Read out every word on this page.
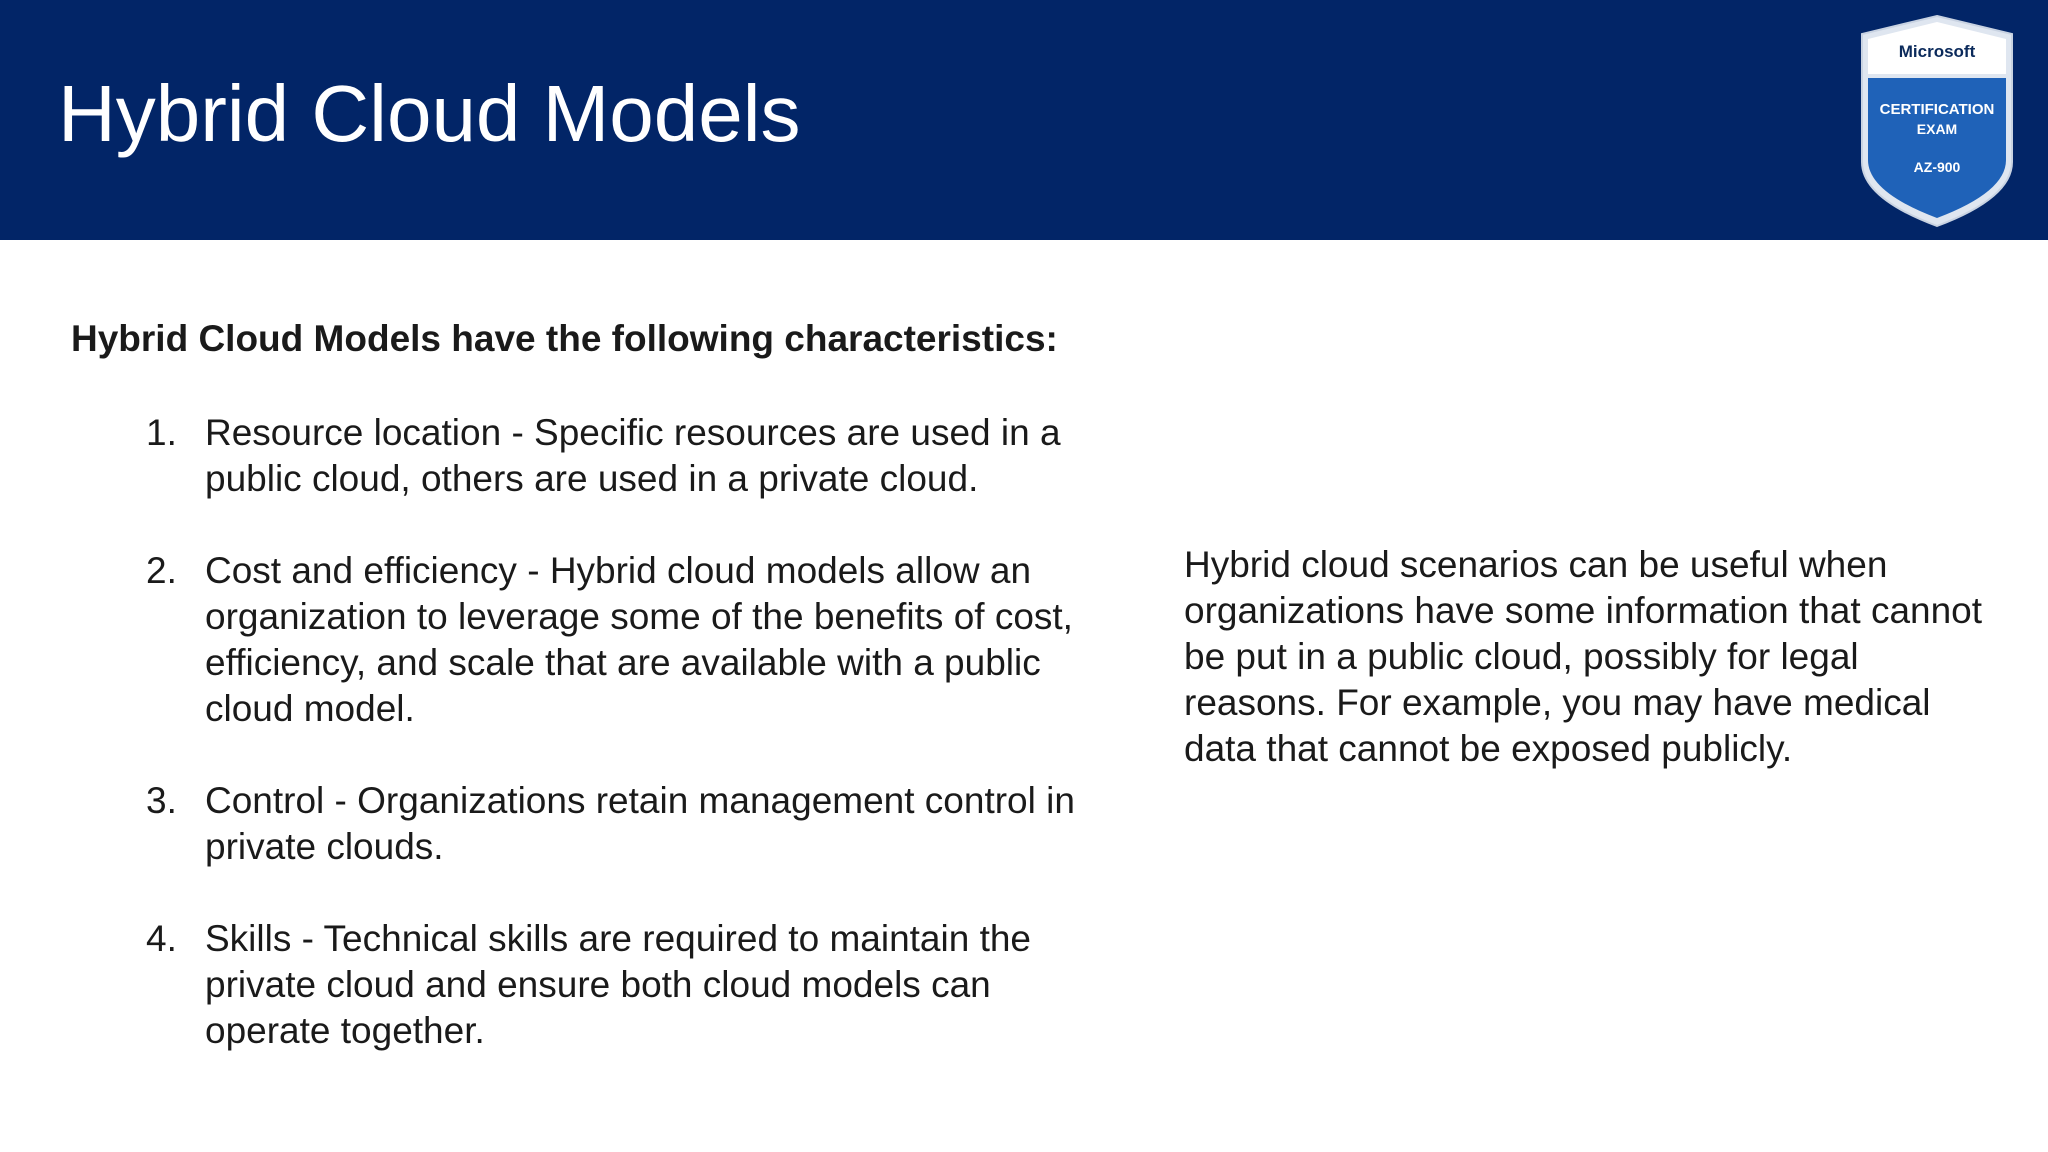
Hybrid Cloud Models
Microsoft
CERTIFICATION
EXAM
AZ-900

Hybrid Cloud Models have the following characteristics:

1. Resource location - Specific resources are used in a public cloud, others are used in a private cloud.
2. Cost and efficiency - Hybrid cloud models allow an organization to leverage some of the benefits of cost, efficiency, and scale that are available with a public cloud model.
3. Control - Organizations retain management control in private clouds.
4. Skills - Technical skills are required to maintain the private cloud and ensure both cloud models can operate together.

Hybrid cloud scenarios can be useful when organizations have some information that cannot be put in a public cloud, possibly for legal reasons. For example, you may have medical data that cannot be exposed publicly.
